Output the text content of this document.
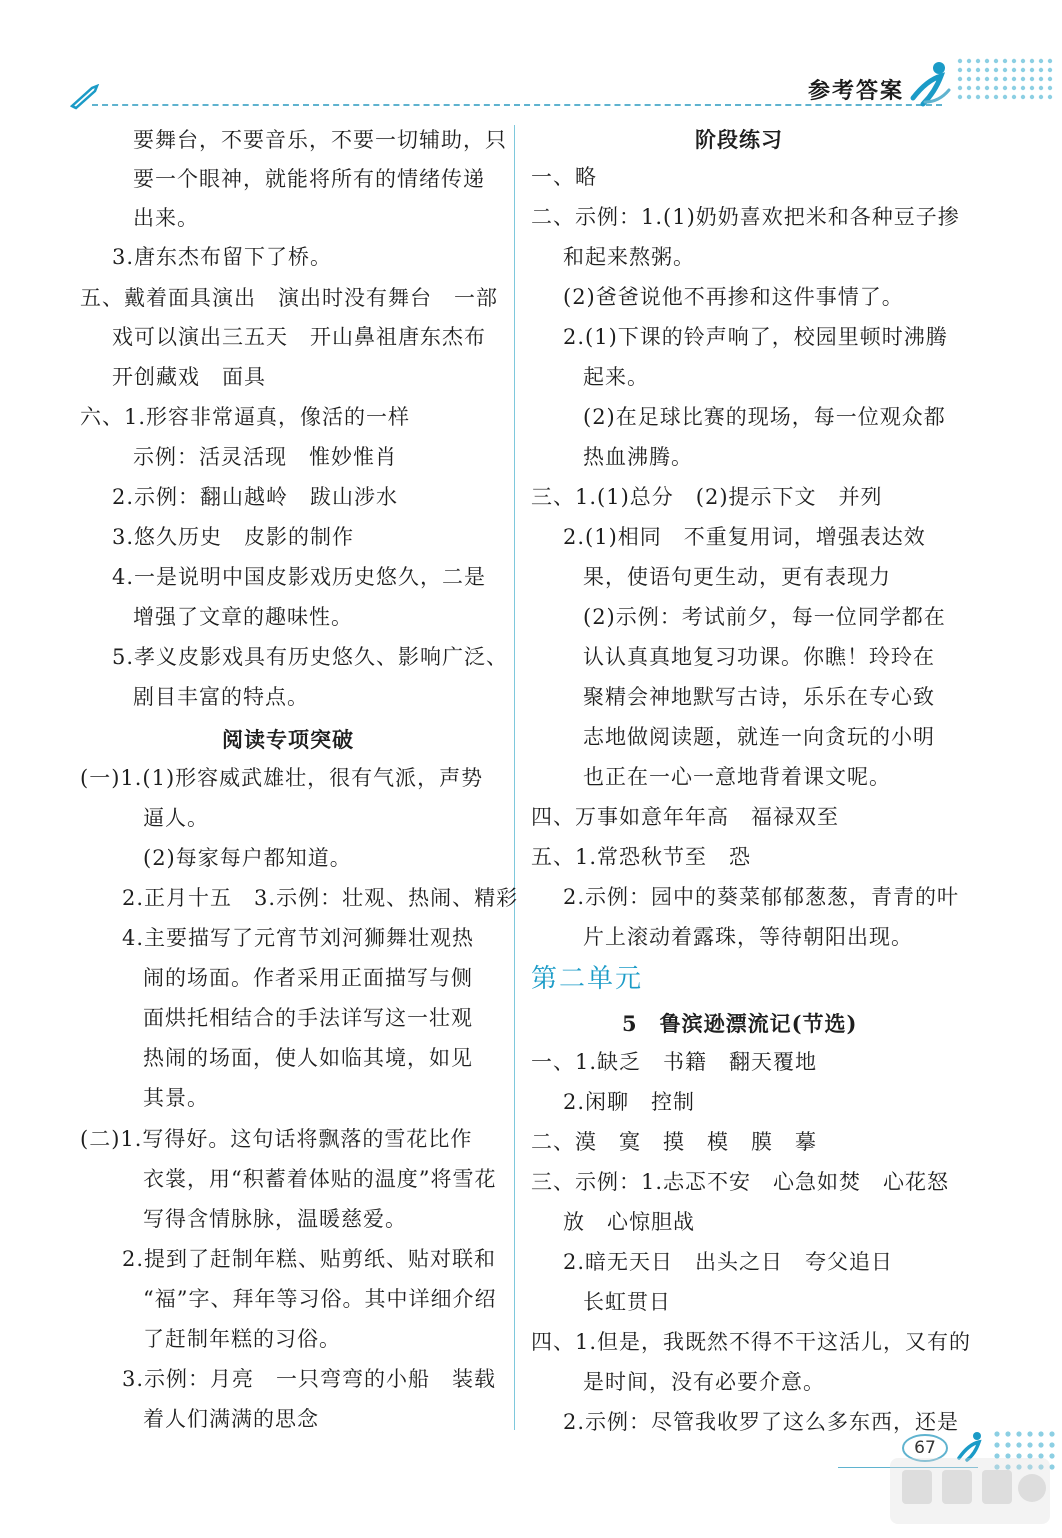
参考答案
要舞台，不要音乐，不要一切辅助，只
要一个眼神，就能将所有的情绪传递
出来。
3.唐东杰布留下了桥。
五、戴着面具演出　演出时没有舞台　一部
戏可以演出三五天　开山鼻祖唐东杰布
开创藏戏　面具
六、1.形容非常逼真，像活的一样
示例：活灵活现　惟妙惟肖
2.示例：翻山越岭　跋山涉水
3.悠久历史　皮影的制作
4.一是说明中国皮影戏历史悠久，二是
增强了文章的趣味性。
5.孝义皮影戏具有历史悠久、影响广泛、
剧目丰富的特点。
(一)1.(1)形容威武雄壮，很有气派，声势
逼人。
(2)每家每户都知道。
2.正月十五　3.示例：壮观、热闹、精彩
4.主要描写了元宵节刘河狮舞壮观热
闹的场面。作者采用正面描写与侧
面烘托相结合的手法详写这一壮观
热闹的场面，使人如临其境，如见
其景。
(二)1.写得好。这句话将飘落的雪花比作
衣裳，用“积蓄着体贴的温度”将雪花
写得含情脉脉，温暖慈爱。
2.提到了赶制年糕、贴剪纸、贴对联和
“福”字、拜年等习俗。其中详细介绍
了赶制年糕的习俗。
3.示例：月亮　一只弯弯的小船　装载
着人们满满的思念
阅读专项突破
一、略
二、示例：1.(1)奶奶喜欢把米和各种豆子掺
和起来熬粥。
(2)爸爸说他不再掺和这件事情了。
2.(1)下课的铃声响了，校园里顿时沸腾
起来。
(2)在足球比赛的现场，每一位观众都
热血沸腾。
三、1.(1)总分　(2)提示下文　并列
2.(1)相同　不重复用词，增强表达效
果，使语句更生动，更有表现力
(2)示例：考试前夕，每一位同学都在
认认真真地复习功课。你瞧！玲玲在
聚精会神地默写古诗，乐乐在专心致
志地做阅读题，就连一向贪玩的小明
也正在一心一意地背着课文呢。
四、万事如意年年高　福禄双至
五、1.常恐秋节至　恐
2.示例：园中的葵菜郁郁葱葱，青青的叶
片上滚动着露珠，等待朝阳出现。
一、1.缺乏　书籍　翻天覆地
2.闲聊　控制
二、漠　寞　摸　模　膜　摹
三、示例：1.忐忑不安　心急如焚　心花怒
放　心惊胆战
2.暗无天日　出头之日　夸父追日
长虹贯日
四、1.但是，我既然不得不干这活儿，又有的
是时间，没有必要介意。
2.示例：尽管我收罗了这么多东西，还是
阶段练习
5　鲁滨逊漂流记(节选)
第二单元
67
